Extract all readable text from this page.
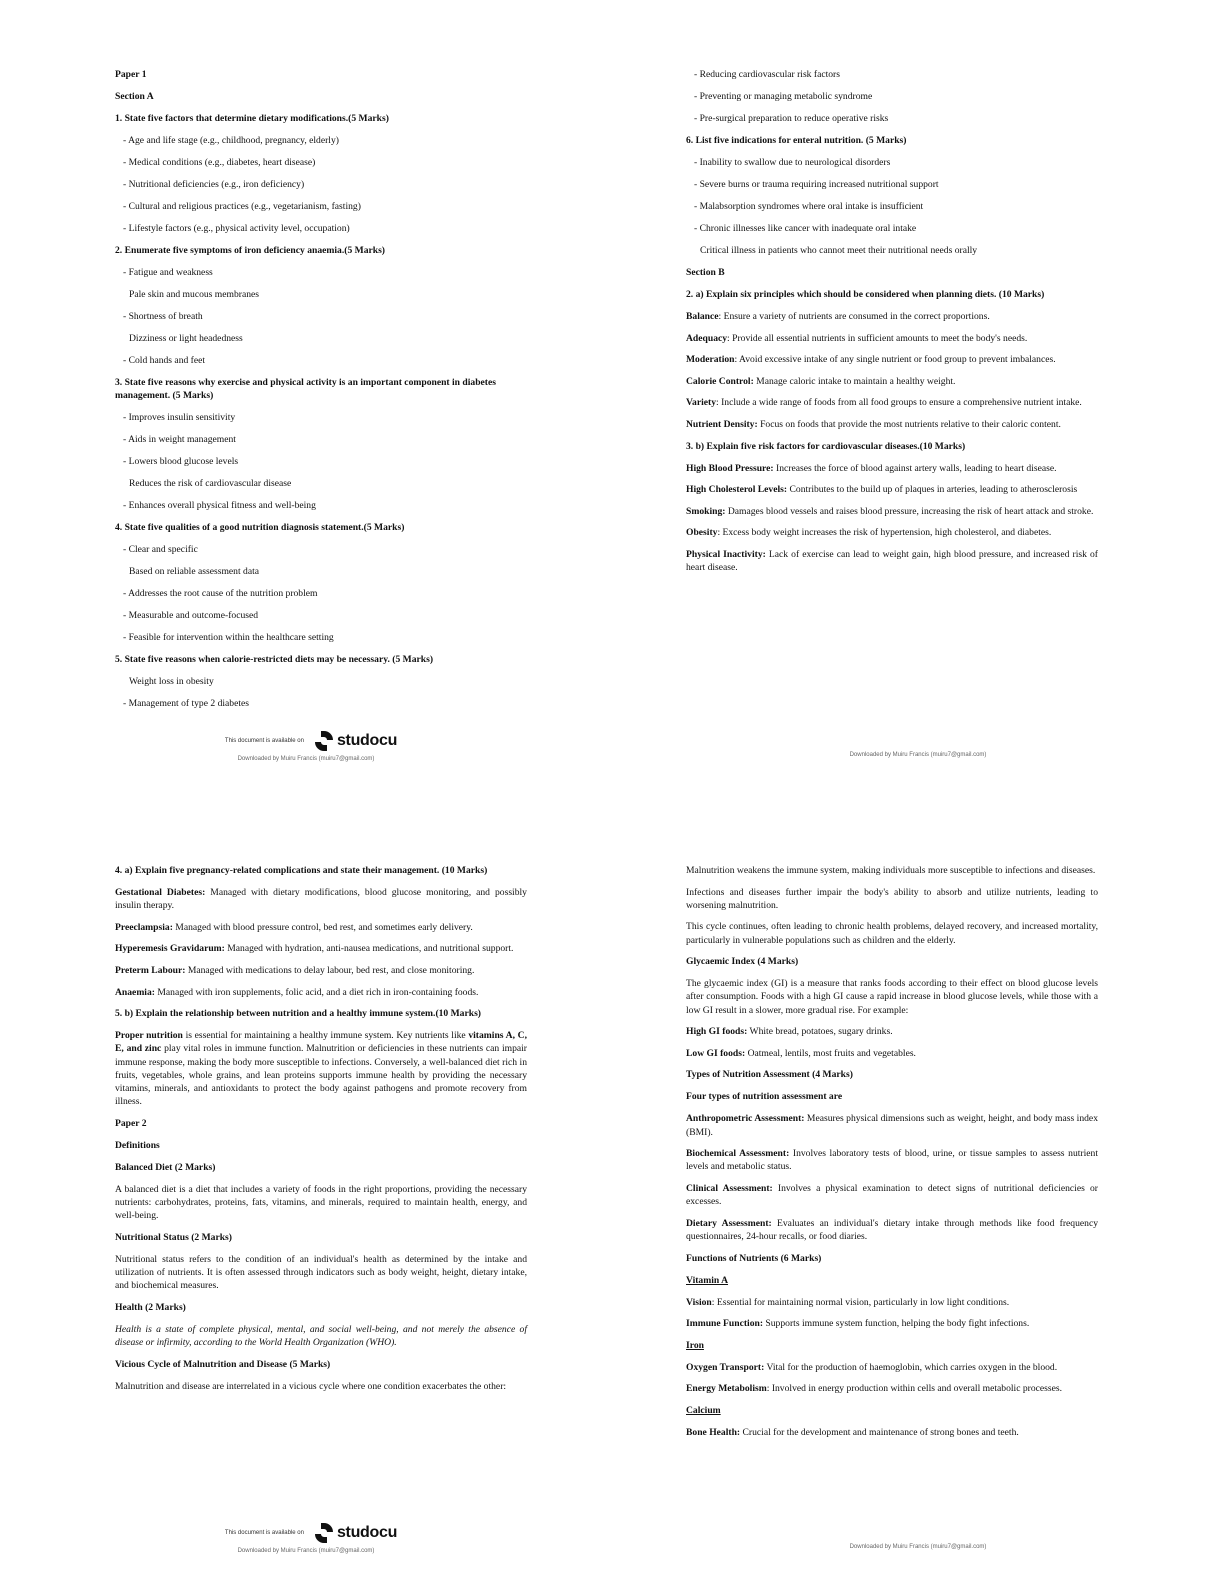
Paper 1
Section A
1. State five factors that determine dietary modifications.(5 Marks)
- Age and life stage (e.g., childhood, pregnancy, elderly)
- Medical conditions (e.g., diabetes, heart disease)
- Nutritional deficiencies (e.g., iron deficiency)
- Cultural and religious practices (e.g., vegetarianism, fasting)
- Lifestyle factors (e.g., physical activity level, occupation)
2. Enumerate five symptoms of iron deficiency anaemia.(5 Marks)
- Fatigue and weakness
Pale skin and mucous membranes
- Shortness of breath
Dizziness or light headedness
- Cold hands and feet
3. State five reasons why exercise and physical activity is an important component in diabetes management. (5 Marks)
- Improves insulin sensitivity
- Aids in weight management
- Lowers blood glucose levels
Reduces the risk of cardiovascular disease
- Enhances overall physical fitness and well-being
4. State five qualities of a good nutrition diagnosis statement.(5 Marks)
- Clear and specific
Based on reliable assessment data
- Addresses the root cause of the nutrition problem
- Measurable and outcome-focused
- Feasible for intervention within the healthcare setting
5. State five reasons when calorie-restricted diets may be necessary. (5 Marks)
Weight loss in obesity
- Management of type 2 diabetes
This document is available on studocu
Downloaded by Muiru Francis (muiru7@gmail.com)
- Reducing cardiovascular risk factors
- Preventing or managing metabolic syndrome
- Pre-surgical preparation to reduce operative risks
6. List five indications for enteral nutrition. (5 Marks)
- Inability to swallow due to neurological disorders
- Severe burns or trauma requiring increased nutritional support
- Malabsorption syndromes where oral intake is insufficient
- Chronic illnesses like cancer with inadequate oral intake
Critical illness in patients who cannot meet their nutritional needs orally
Section B
2. a) Explain six principles which should be considered when planning diets. (10 Marks)

Balance: Ensure a variety of nutrients are consumed in the correct proportions.

Adequacy: Provide all essential nutrients in sufficient amounts to meet the body's needs.

Moderation: Avoid excessive intake of any single nutrient or food group to prevent imbalances.

Calorie Control: Manage caloric intake to maintain a healthy weight.

Variety: Include a wide range of foods from all food groups to ensure a comprehensive nutrient intake.

Nutrient Density: Focus on foods that provide the most nutrients relative to their caloric content.

3. b) Explain five risk factors for cardiovascular diseases.(10 Marks)

High Blood Pressure: Increases the force of blood against artery walls, leading to heart disease.

High Cholesterol Levels: Contributes to the build up of plaques in arteries, leading to atherosclerosis

Smoking: Damages blood vessels and raises blood pressure, increasing the risk of heart attack and stroke.

Obesity: Excess body weight increases the risk of hypertension, high cholesterol, and diabetes.

Physical Inactivity: Lack of exercise can lead to weight gain, high blood pressure, and increased risk of heart disease.

Downloaded by Muiru Francis (muiru7@gmail.com)
4. a) Explain five pregnancy-related complications and state their management. (10 Marks)

Gestational Diabetes: Managed with dietary modifications, blood glucose monitoring, and possibly insulin therapy.

Preeclampsia: Managed with blood pressure control, bed rest, and sometimes early delivery.

Hyperemesis Gravidarum: Managed with hydration, anti-nausea medications, and nutritional support.

Preterm Labour: Managed with medications to delay labour, bed rest, and close monitoring.

Anaemia: Managed with iron supplements, folic acid, and a diet rich in iron-containing foods.

5. b) Explain the relationship between nutrition and a healthy immune system.(10 Marks)

Proper nutrition is essential for maintaining a healthy immune system. Key nutrients like vitamins A, C, E, and zinc play vital roles in immune function. Malnutrition or deficiencies in these nutrients can impair immune response, making the body more susceptible to infections. Conversely, a well-balanced diet rich in fruits, vegetables, whole grains, and lean proteins supports immune health by providing the necessary vitamins, minerals, and antioxidants to protect the body against pathogens and promote recovery from illness.

Paper 2
Definitions
Balanced Diet (2 Marks)

A balanced diet is a diet that includes a variety of foods in the right proportions, providing the necessary nutrients: carbohydrates, proteins, fats, vitamins, and minerals, required to maintain health, energy, and well-being.

Nutritional Status (2 Marks)

Nutritional status refers to the condition of an individual's health as determined by the intake and utilization of nutrients. It is often assessed through indicators such as body weight, height, dietary intake, and biochemical measures.

Health (2 Marks)

Health is a state of complete physical, mental, and social well-being, and not merely the absence of disease or infirmity, according to the World Health Organization (WHO).

Vicious Cycle of Malnutrition and Disease (5 Marks)

Malnutrition and disease are interrelated in a vicious cycle where one condition exacerbates the other:

This document is available on studocu
Downloaded by Muiru Francis (muiru7@gmail.com)

Malnutrition weakens the immune system, making individuals more susceptible to infections and diseases.

Infections and diseases further impair the body's ability to absorb and utilize nutrients, leading to worsening malnutrition.

This cycle continues, often leading to chronic health problems, delayed recovery, and increased mortality, particularly in vulnerable populations such as children and the elderly.

Glycaemic Index (4 Marks)

The glycaemic index (GI) is a measure that ranks foods according to their effect on blood glucose levels after consumption. Foods with a high GI cause a rapid increase in blood glucose levels, while those with a low GI result in a slower, more gradual rise. For example:

High GI foods: White bread, potatoes, sugary drinks.

Low GI foods: Oatmeal, lentils, most fruits and vegetables.

Types of Nutrition Assessment (4 Marks)
Four types of nutrition assessment are

Anthropometric Assessment: Measures physical dimensions such as weight, height, and body mass index (BMI).

Biochemical Assessment: Involves laboratory tests of blood, urine, or tissue samples to assess nutrient levels and metabolic status.

Clinical Assessment: Involves a physical examination to detect signs of nutritional deficiencies or excesses.

Dietary Assessment: Evaluates an individual's dietary intake through methods like food frequency questionnaires, 24-hour recalls, or food diaries.

Functions of Nutrients (6 Marks)
Vitamin A

Vision: Essential for maintaining normal vision, particularly in low light conditions.

Immune Function: Supports immune system function, helping the body fight infections.

Iron

Oxygen Transport: Vital for the production of haemoglobin, which carries oxygen in the blood.

Energy Metabolism: Involved in energy production within cells and overall metabolic processes.

Calcium

Bone Health: Crucial for the development and maintenance of strong bones and teeth.

Downloaded by Muiru Francis (muiru7@gmail.com)
